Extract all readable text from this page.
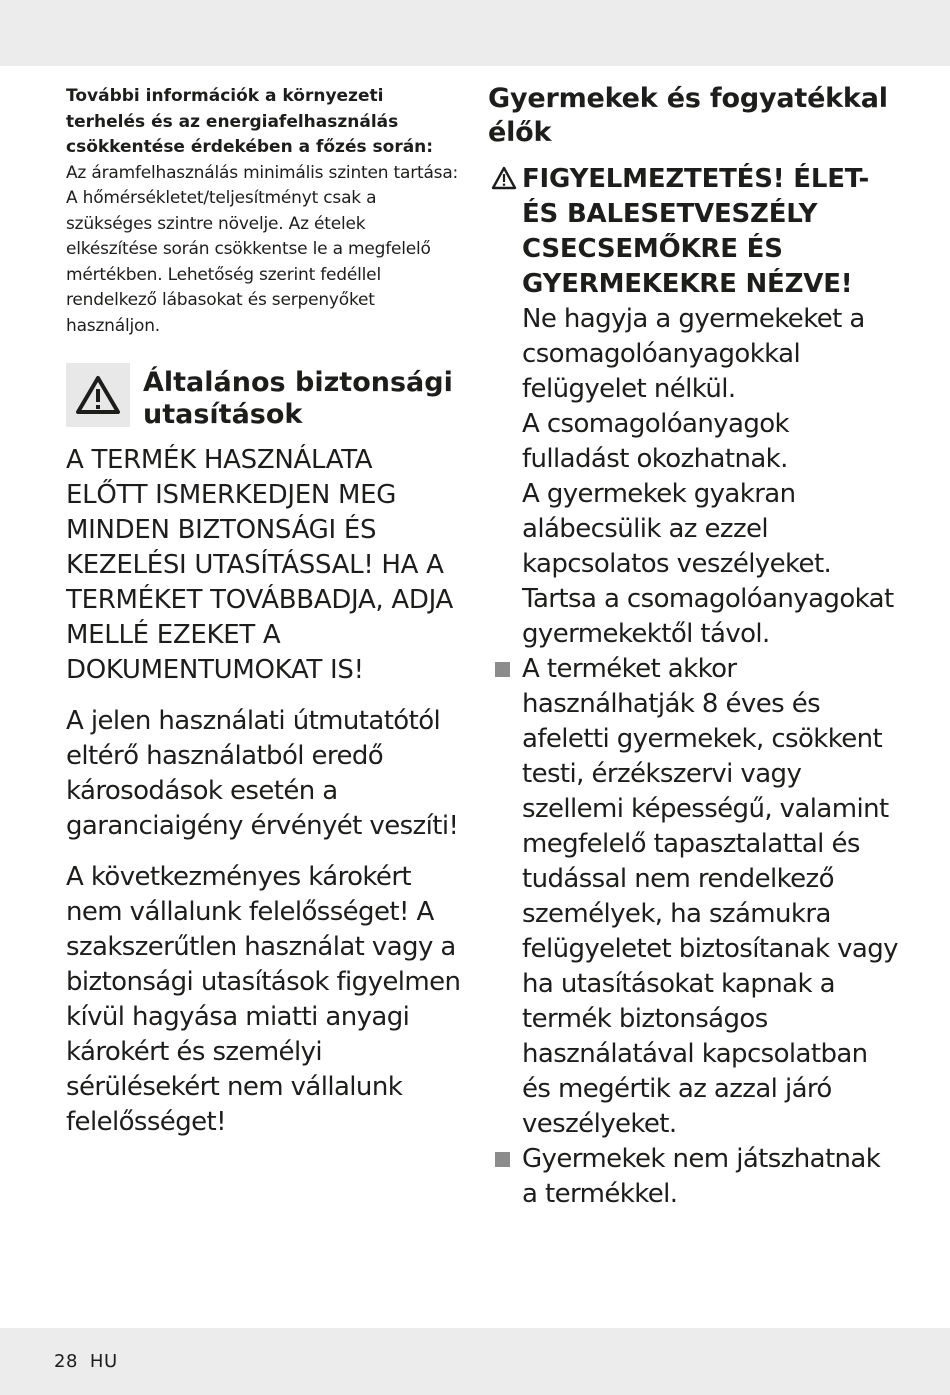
További információk a környezeti terhelés és az energiafelhasználás csökkentése érdekében a főzés során:

Az áramfelhasználás minimális szinten tartása: A hőmérsékletet/teljesítményt csak a szükséges szintre növelje. Az ételek elkészítése során csökkentse le a megfelelő mértékben. Lehetőség szerint fedéllel rendelkező lábasokat és serpenyőket használjon.

Általános biztonsági utasítások

A TERMÉK HASZNÁLATA ELŐTT ISMERKEDJEN MEG MINDEN BIZTONSÁGI ÉS KEZELÉSI UTASÍTÁSSAL! HA A TERMÉKET TOVÁBBADJA, ADJA MELLÉ EZEKET A DOKUMENTUMOKAT IS!

A jelen használati útmutatótól eltérő használatból eredő károsodások esetén a garanciaigény érvényét veszíti!

A következményes károkért nem vállalunk felelősséget! A szakszerűtlen használat vagy a biztonsági utasítások figyelmen kívül hagyása miatti anyagi károkért és személyi sérülésekért nem vállalunk felelősséget!

Gyermekek és fogyatékkal élők

FIGYELMEZTETÉS! ÉLET- ÉS BALESETVESZÉLY CSECSEMŐKRE ÉS GYERMEKEKRE NÉZVE!

Ne hagyja a gyermekeket a csomagolóanyagokkal felügyelet nélkül.

A csomagolóanyagok fulladást okozhatnak.

A gyermekek gyakran alábecsülik az ezzel kapcsolatos veszélyeket.

Tartsa a csomagolóanyagokat gyermekektől távol.

A terméket akkor használhatják 8 éves és afeletti gyermekek, csökkent testi, érzékszervi vagy szellemi képességű, valamint megfelelő tapasztalattal és tudással nem rendelkező személyek, ha számukra felügyeletet biztosítanak vagy ha utasításokat kapnak a termék biztonságos használatával kapcsolatban és megértik az azzal járó veszélyeket.
Gyermekek nem játszhatnak a termékkel.
28 HU
